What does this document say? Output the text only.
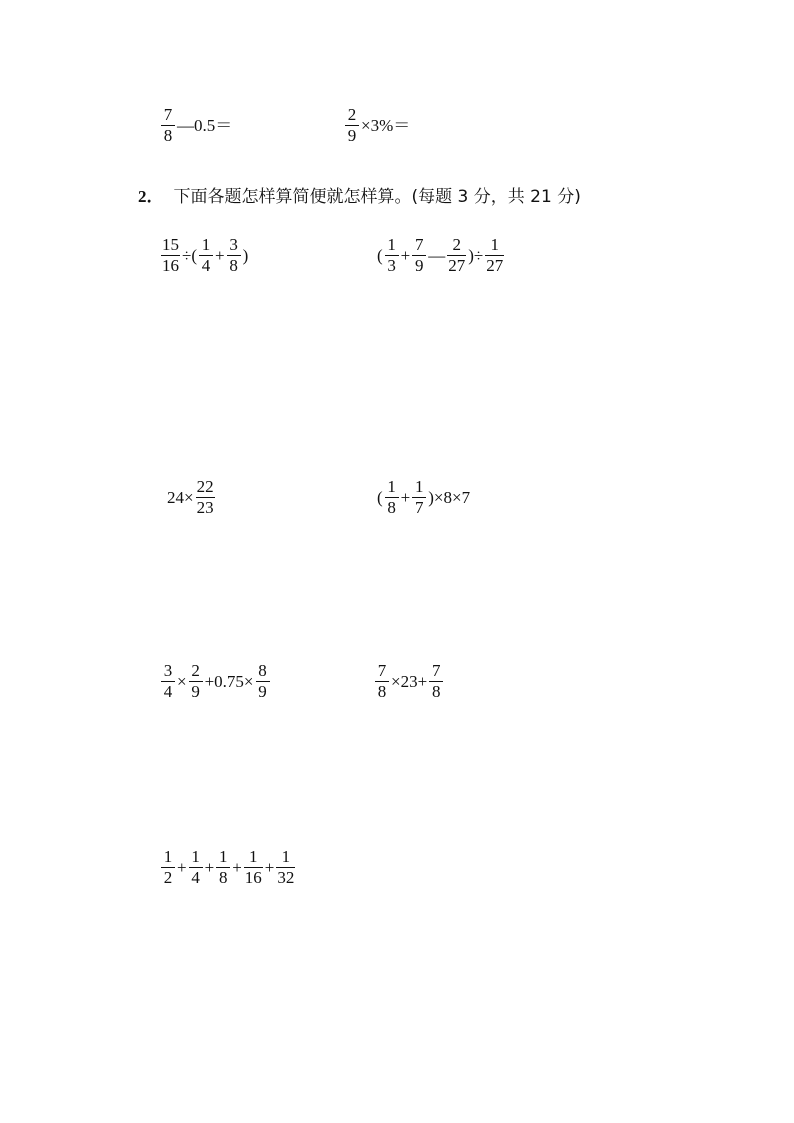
$\frac{7}{8}$ —0.5＝	$\frac{2}{9} \times 3\%=$
2． 下面各题怎样算简便就怎样算。(每题 3 分，共 21 分)
$\frac{15}{16}$ ÷( $\frac{1}{4} + \frac{3}{8}$ )	( $\frac{1}{3} + \frac{7}{9}$ — $\frac{2}{27}$ )÷ $\frac{1}{27}$
$24\times \frac{22}{23}$	( $\frac{1}{8} + \frac{1}{7} )\times 8\times 7$
$\frac{3}{4} \times \frac{2}{9} +0.75\times \frac{8}{9}$	$\frac{7}{8} \times 23+ \frac{7}{8}$
$\frac{1}{2} + \frac{1}{4} + \frac{1}{8} + \frac{1}{16} + \frac{1}{32}$
